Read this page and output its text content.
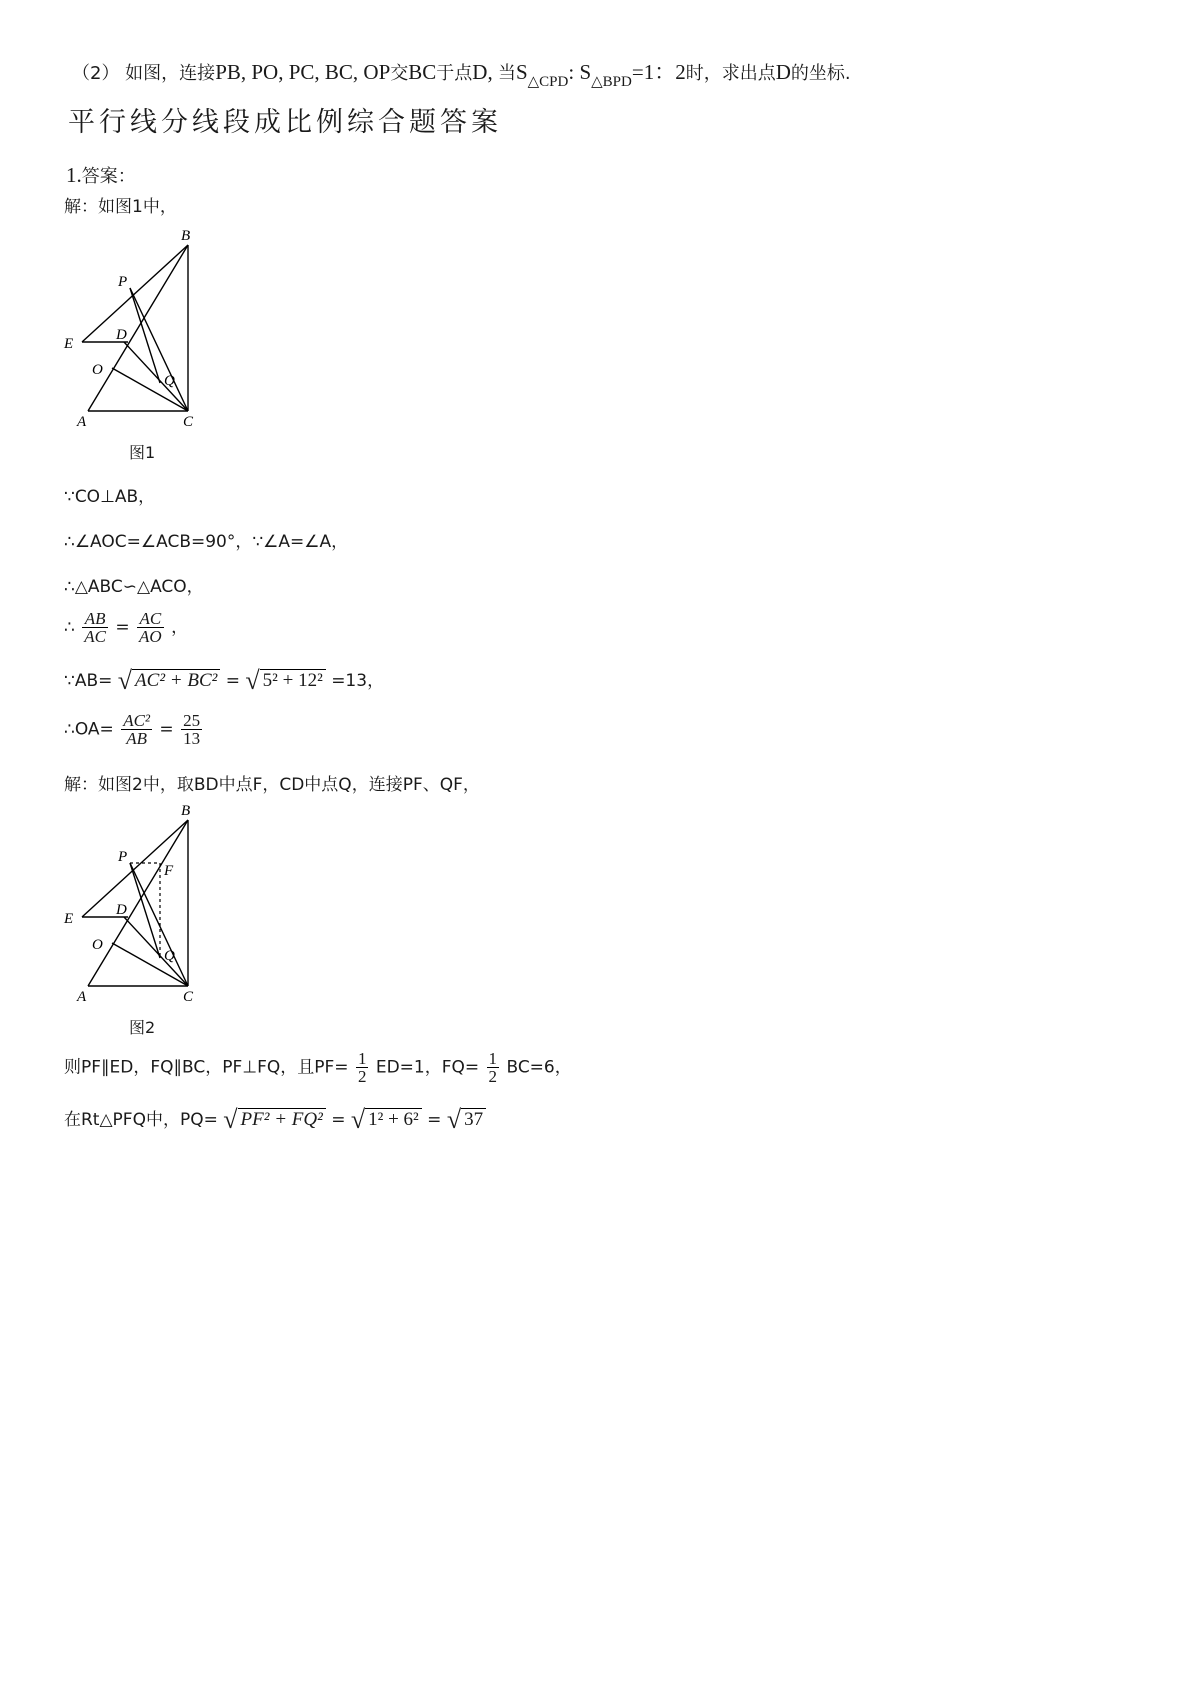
（2） 如图，连接PB, PO, PC, BC, OP交BC于点D, 当$S_{\triangle CPD}$: $S_{\triangle BPD}=1$：2时，求出点D的坐标.
平行线分线段成比例综合题答案
1.答案：
解：如图1中，
B
P
E
D
O
Q
A	C
图1
∵CO⊥AB，
∴∠AOC=∠ACB=90°，∵∠A=∠A，
∴△ABC∽△ACO，
∴ $\frac{AB}{AC} = \frac{AC}{AO}$ ，
∵AB= √ AC² + BC² = √ 5² + 12² =13，
∴OA= $\frac{\text{AC²}}{AB} = \frac{25}{13}$
解：如图2中，取BD中点F，CD中点Q，连接PF、QF，
B
P
F
E
D
O
Q
A	C
图2
则PF∥ED，FQ∥BC，PF⊥FQ，且$PF= \frac{1}{2} ED=1$，$FQ= \frac{1}{2} BC=6$，
在Rt△PFQ中，PQ= √ PF² + FQ² = √ 1² + 6² = √ 37
